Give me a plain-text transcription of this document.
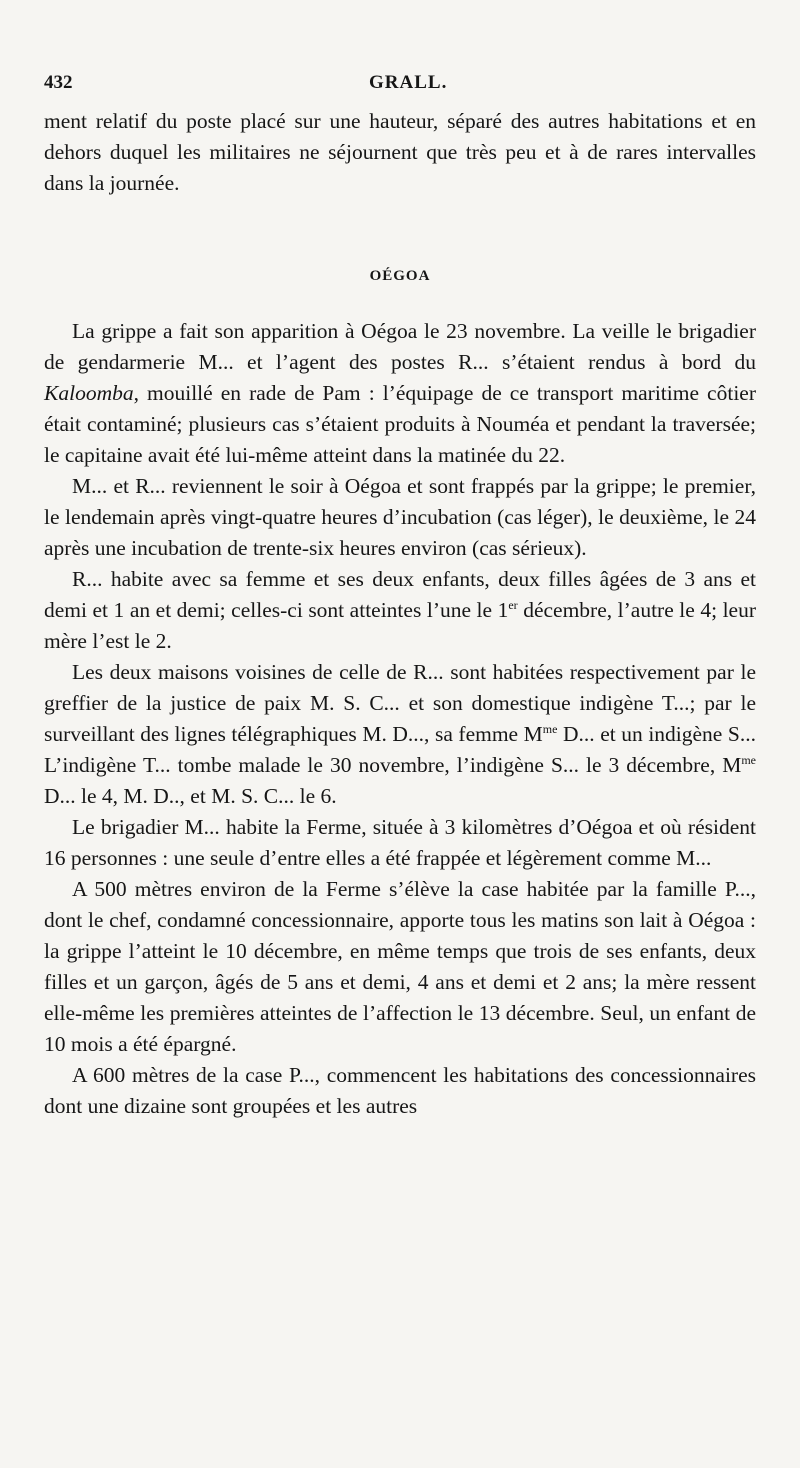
432	GRALL.

ment relatif du poste placé sur une hauteur, séparé des autres habitations et en dehors duquel les militaires ne séjournent que très peu et à de rares intervalles dans la journée.

OÉGOA

La grippe a fait son apparition à Oégoa le 23 novembre. La veille le brigadier de gendarmerie M... et l’agent des postes R... s’étaient rendus à bord du Kaloomba, mouillé en rade de Pam : l’équipage de ce transport maritime côtier était contaminé; plusieurs cas s’étaient produits à Nouméa et pendant la traversée; le capitaine avait été lui-même atteint dans la matinée du 22.

M... et R... reviennent le soir à Oégoa et sont frappés par la grippe; le premier, le lendemain après vingt-quatre heures d’incubation (cas léger), le deuxième, le 24 après une incubation de trente-six heures environ (cas sérieux).

R... habite avec sa femme et ses deux enfants, deux filles âgées de 3 ans et demi et 1 an et demi; celles-ci sont atteintes l’une le 1er décembre, l’autre le 4; leur mère l’est le 2.

Les deux maisons voisines de celle de R... sont habitées respectivement par le greffier de la justice de paix M. S. C... et son domestique indigène T...; par le surveillant des lignes télégraphiques M. D..., sa femme $M^{me}$ D... et un indigène S... L’indigène T... tombe malade le 30 novembre, l’indigène S... le 3 décembre, $M^{me}$ D... le 4, M. D.., et M. S. C... le 6.

Le brigadier M... habite la Ferme, située à 3 kilomètres d’Oégoa et où résident 16 personnes : une seule d’entre elles a été frappée et légèrement comme M...

A 500 mètres environ de la Ferme s’élève la case habitée par la famille P..., dont le chef, condamné concessionnaire, apporte tous les matins son lait à Oégoa : la grippe l’atteint le 10 décembre, en même temps que trois de ses enfants, deux filles et un garçon, âgés de 5 ans et demi, 4 ans et demi et 2 ans; la mère ressent elle-même les premières atteintes de l’affection le 13 décembre. Seul, un enfant de 10 mois a été épargné.

A 600 mètres de la case P..., commencent les habitations des concessionnaires dont une dizaine sont groupées et les autres
